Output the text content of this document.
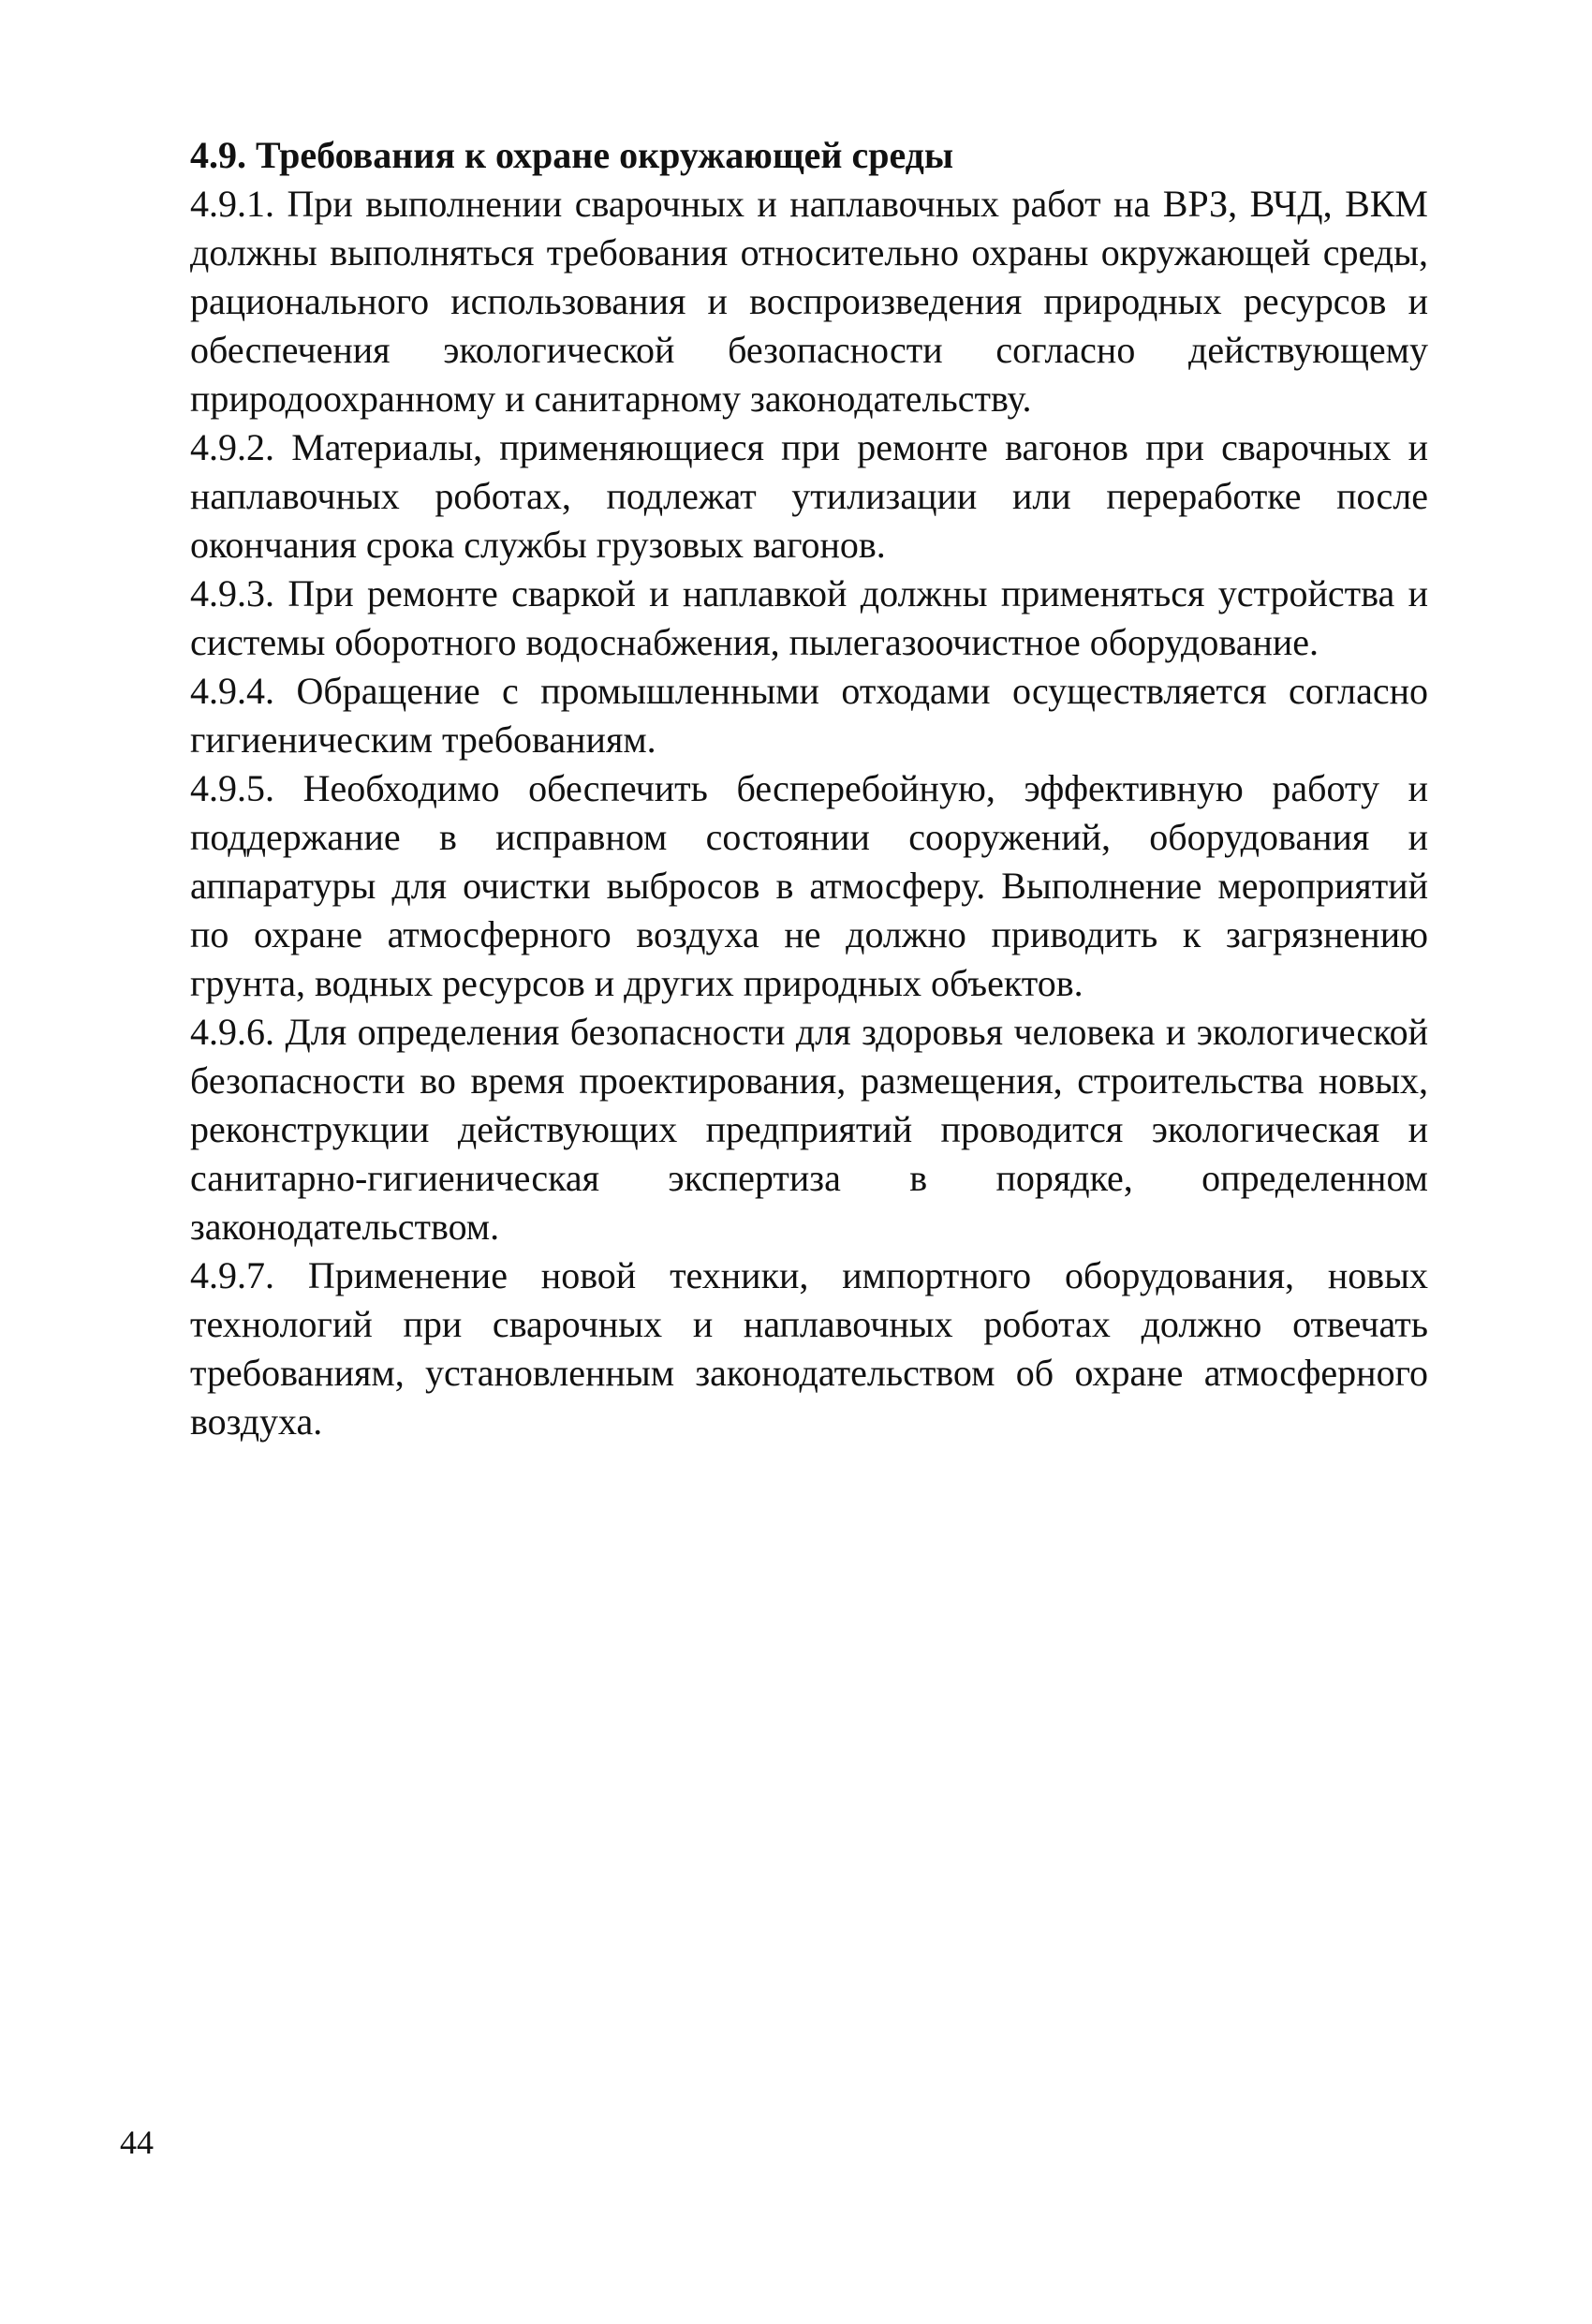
4.9. Требования к охране окружающей среды

4.9.1. При выполнении сварочных и наплавочных работ на ВРЗ, ВЧД, ВКМ должны выполняться требования относительно охраны окружающей среды, рационального использования и воспроизведения природных ресурсов и обеспечения экологической безопасности согласно действующему природоохранному и санитарному законодательству.

4.9.2. Материалы, применяющиеся при ремонте вагонов при сварочных и наплавочных роботах, подлежат утилизации или переработке после окончания срока службы грузовых вагонов.

4.9.3. При ремонте сваркой и наплавкой должны применяться устройства и системы оборотного водоснабжения, пылегазоочистное оборудование.

4.9.4. Обращение с промышленными отходами осуществляется согласно гигиеническим требованиям.

4.9.5. Необходимо обеспечить бесперебойную, эффективную работу и поддержание в исправном состоянии сооружений, оборудования и аппаратуры для очистки выбросов в атмосферу. Выполнение мероприятий по охране атмосферного воздуха не должно приводить к загрязнению грунта, водных ресурсов и других природных объектов.

4.9.6. Для определения безопасности для здоровья человека и экологической безопасности во время проектирования, размещения, строительства новых, реконструкции действующих предприятий проводится экологическая и санитарно-гигиеническая экспертиза в порядке, определенном законодательством.

4.9.7. Применение новой техники, импортного оборудования, новых технологий при сварочных и наплавочных роботах должно отвечать требованиям, установленным законодательством об охране атмосферного воздуха.

44
